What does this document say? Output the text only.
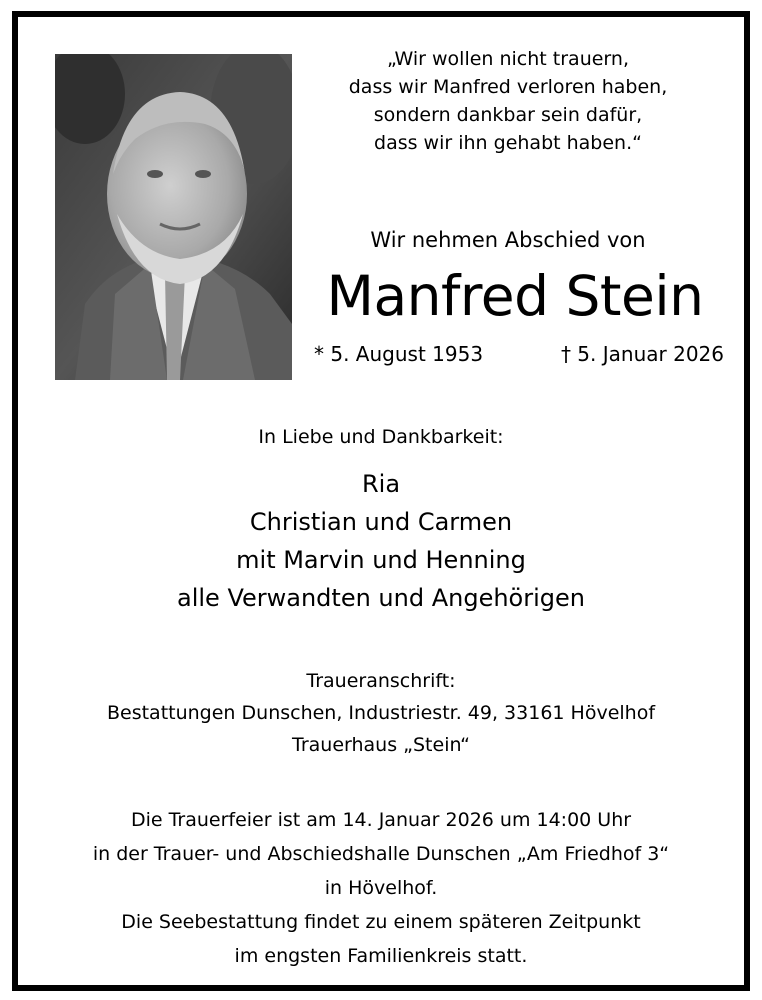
„Wir wollen nicht trauern,
dass wir Manfred verloren haben,
sondern dankbar sein dafür,
dass wir ihn gehabt haben.“
Wir nehmen Abschied von
Manfred Stein
* 5. August 1953	† 5. Januar 2026
In Liebe und Dankbarkeit:
Ria
Christian und Carmen
mit Marvin und Henning
alle Verwandten und Angehörigen
Traueranschrift:
Bestattungen Dunschen, Industriestr. 49, 33161 Hövelhof
Trauerhaus „Stein“
Die Trauerfeier ist am 14. Januar 2026 um 14:00 Uhr
in der Trauer- und Abschiedshalle Dunschen „Am Friedhof 3“
in Hövelhof.
Die Seebestattung findet zu einem späteren Zeitpunkt
im engsten Familienkreis statt.
